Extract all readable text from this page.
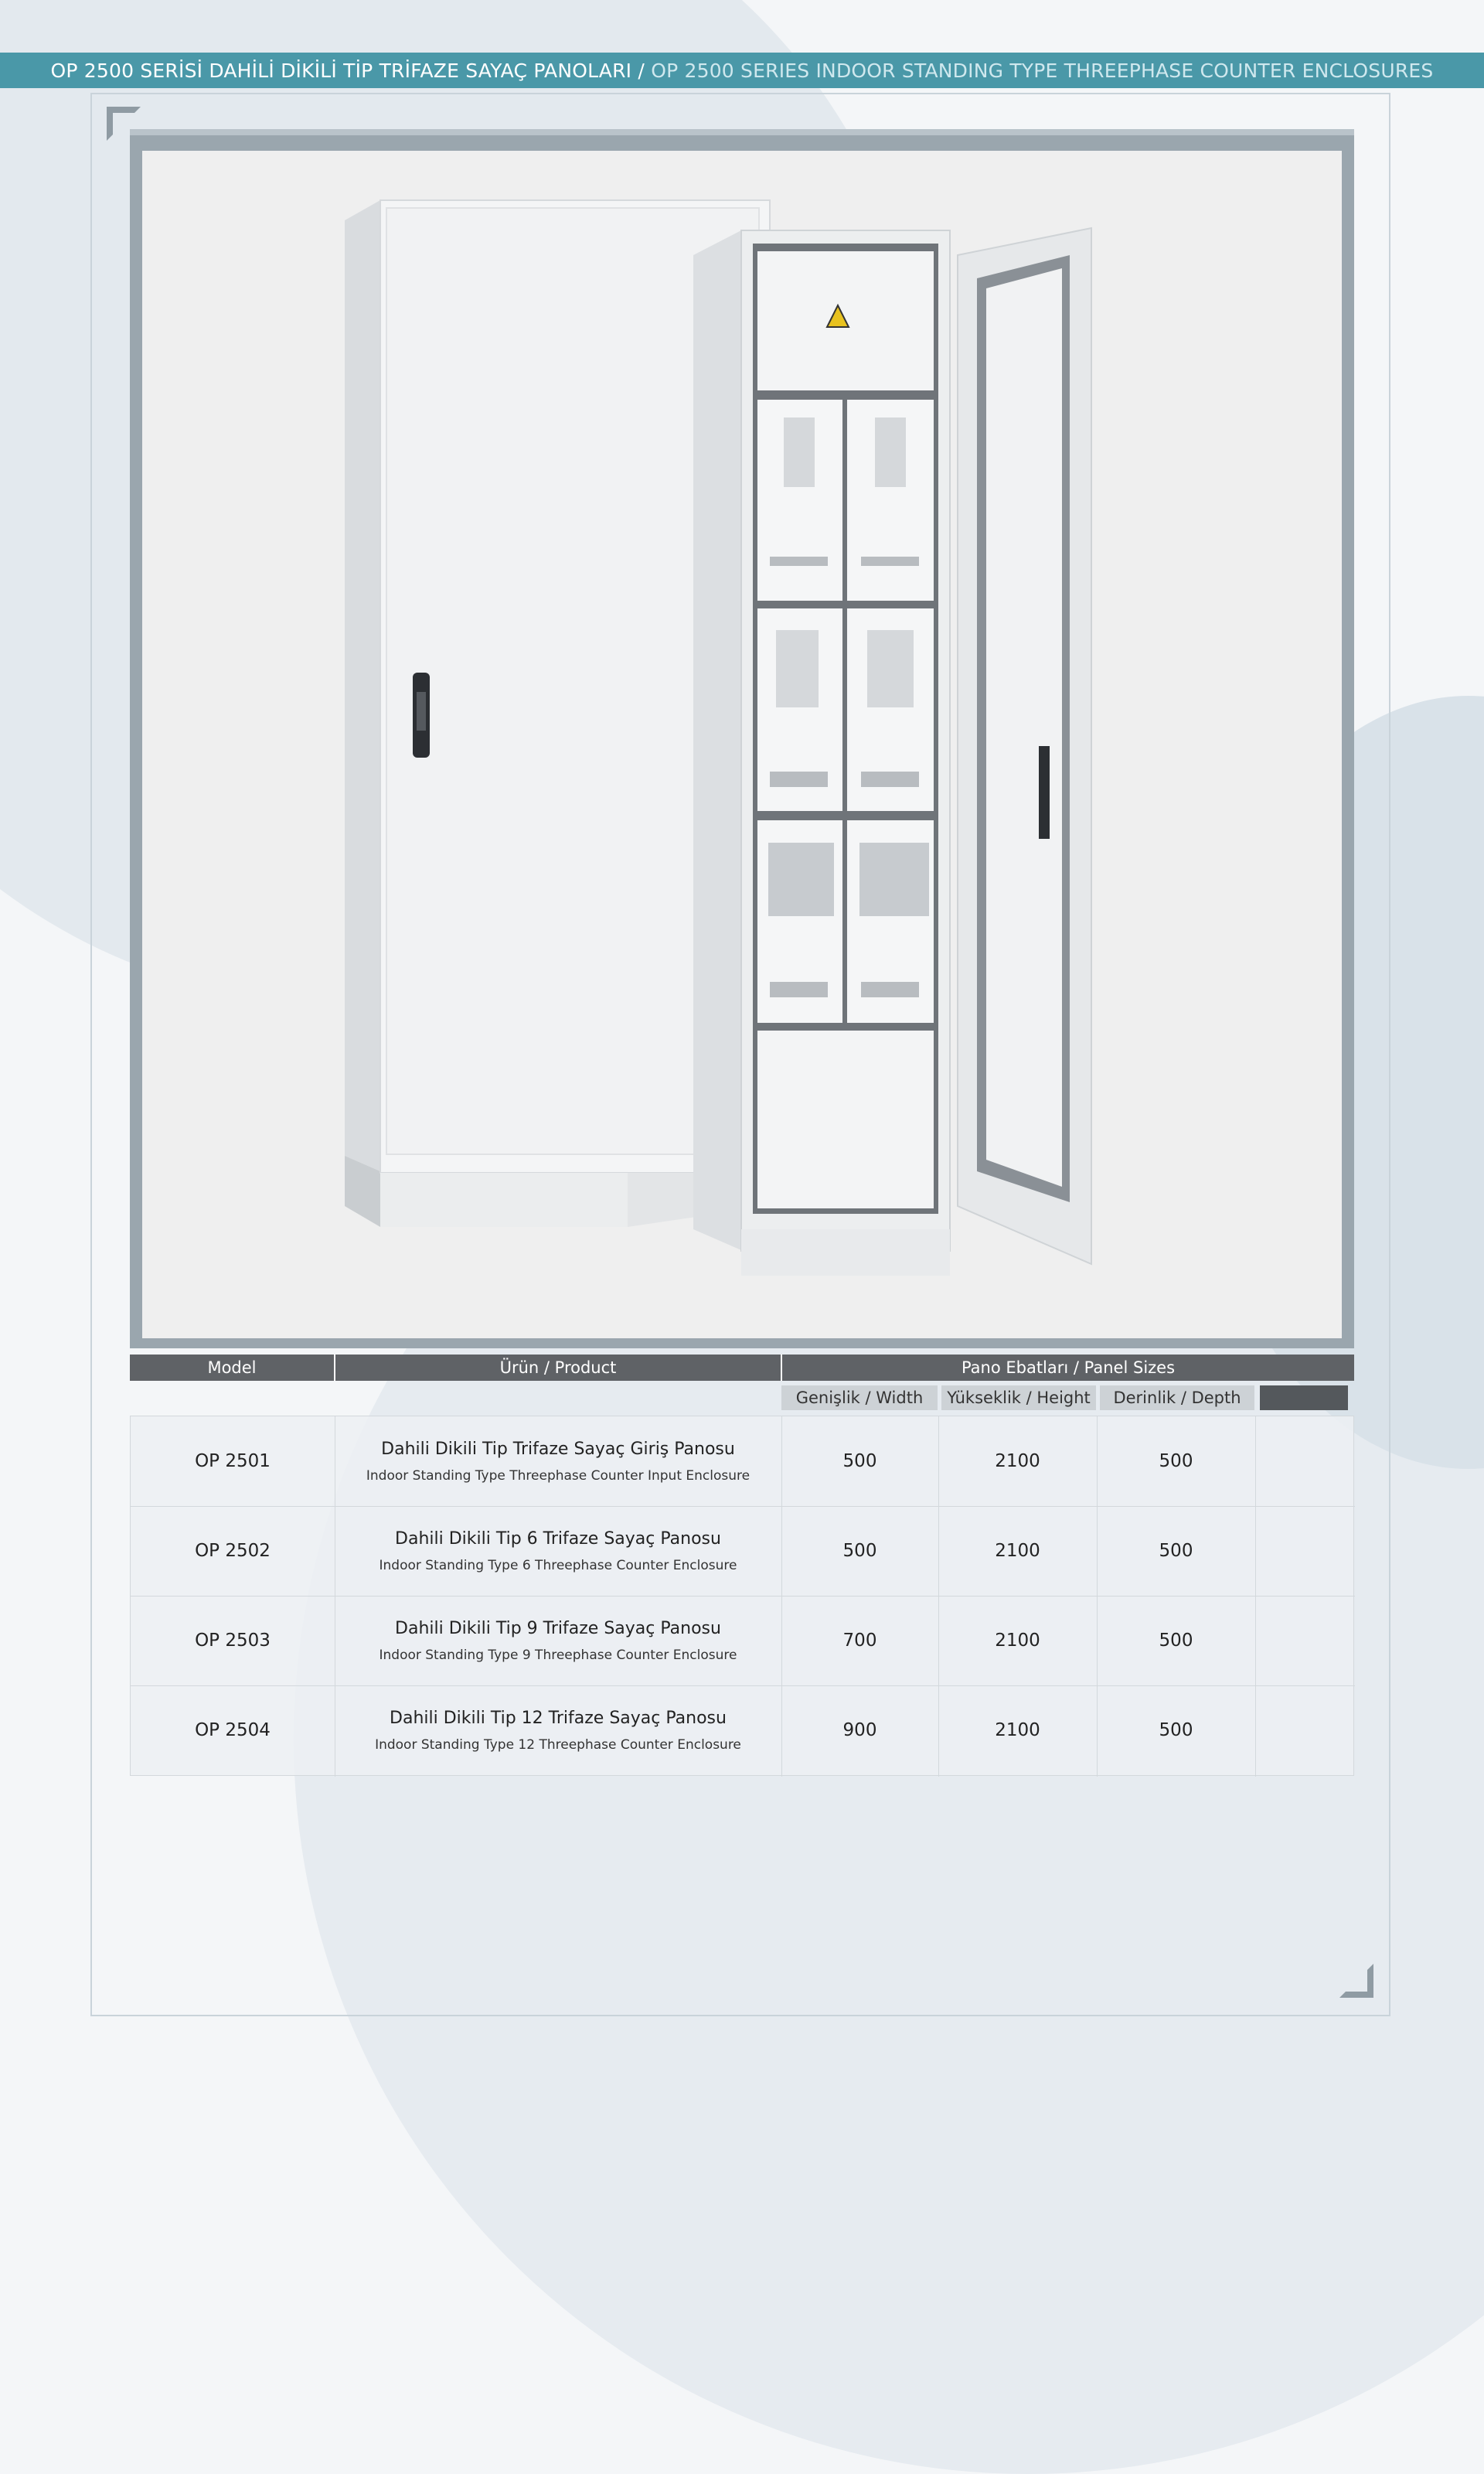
OP 2500 SERİSİ DAHİLİ DİKİLİ TİP TRİFAZE SAYAÇ PANOLARI /
OP 2500 SERIES INDOOR STANDING TYPE THREEPHASE COUNTER ENCLOSURES
Model	Ürün / Product	Pano Ebatları / Panel Sizes
Genişlik / Width	Yükseklik / Height	Derinlik / Depth
OP 2501
Dahili Dikili Tip Trifaze Sayaç Giriş Panosu
Indoor Standing Type Threephase Counter Input Enclosure
500	2100	500
OP 2502
Dahili Dikili Tip 6 Trifaze Sayaç Panosu
Indoor Standing Type 6 Threephase Counter Enclosure
500	2100	500
OP 2503
Dahili Dikili Tip 9 Trifaze Sayaç Panosu
Indoor Standing Type 9 Threephase Counter Enclosure
700	2100	500
OP 2504
Dahili Dikili Tip 12 Trifaze Sayaç Panosu
Indoor Standing Type 12 Threephase Counter Enclosure
900	2100	500
